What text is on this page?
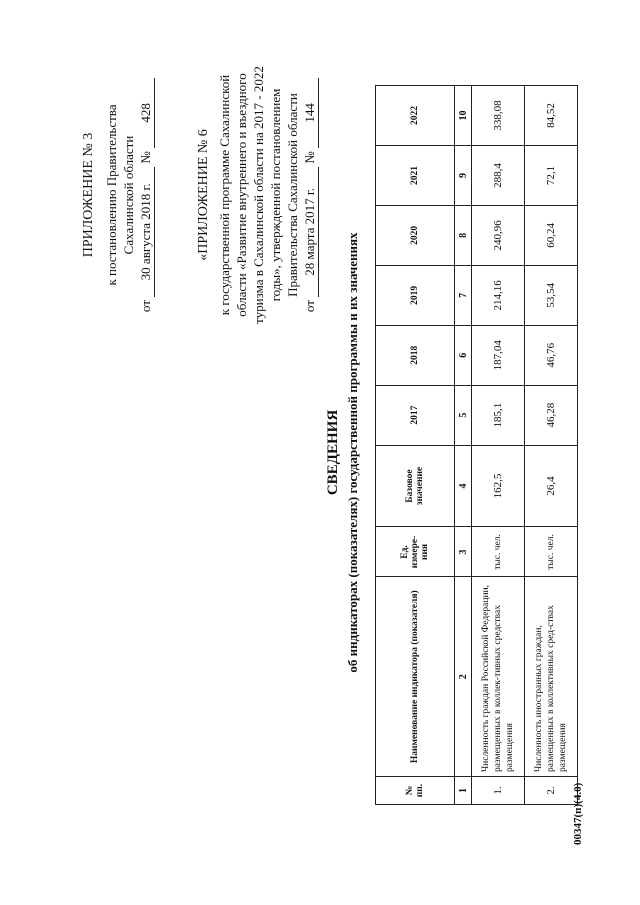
ПРИЛОЖЕНИЕ № 3 к постановлению Правительства Сахалинской области
от 30 августа 2018 г. № 428
«ПРИЛОЖЕНИЕ № 6 к государственной программе Сахалинской области «Развитие внутреннего и въездного туризма в Сахалинской области на 2017 - 2022 годы», утвержденной постановлением Правительства Сахалинской области
от 28 марта 2017 г. № 144
СВЕДЕНИЯ об индикаторах (показателях) государственной программы и их значениях
№ пп.	Наименование индикатора (показателя)	Ед. измере-ния	Базовое значение	2017	2018	2019	2020	2021	2022
1	2	3	4	5	6	7	8	9	10
1.	Численность граждан Российской Федерации, размещенных в коллек-тивных средствах размещения	тыс. чел.	162,5	185,1	187,04	214,16	240,96	288,4	338,08
2.	Численность иностранных граждан, размещенных в коллективных сред-ствах размещения	тыс. чел.	26,4	46,28	46,76	53,54	60,24	72,1	84,52
00347(п)(4.0)
